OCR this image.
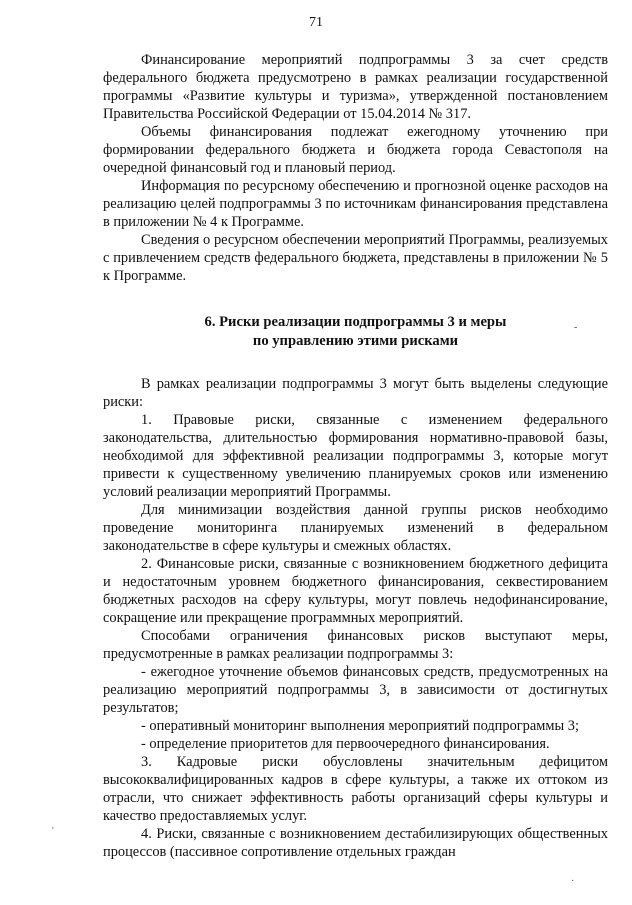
71

Финансирование мероприятий подпрограммы 3 за счет средств федерального бюджета предусмотрено в рамках реализации государственной программы «Развитие культуры и туризма», утвержденной постановлением Правительства Российской Федерации от 15.04.2014 № 317.

Объемы финансирования подлежат ежегодному уточнению при формировании федерального бюджета и бюджета города Севастополя на очередной финансовый год и плановый период.

Информация по ресурсному обеспечению и прогнозной оценке расходов на реализацию целей подпрограммы 3 по источникам финансирования представлена в приложении № 4 к Программе.

Сведения о ресурсном обеспечении мероприятий Программы, реализуемых с привлечением средств федерального бюджета, представлены в приложении № 5 к Программе.

6. Риски реализации подпрограммы 3 и меры
по управлению этими рисками

В рамках реализации подпрограммы 3 могут быть выделены следующие риски:

1. Правовые риски, связанные с изменением федерального законодательства, длительностью формирования нормативно-правовой базы, необходимой для эффективной реализации подпрограммы 3, которые могут привести к существенному увеличению планируемых сроков или изменению условий реализации мероприятий Программы.

Для минимизации воздействия данной группы рисков необходимо проведение мониторинга планируемых изменений в федеральном законодательстве в сфере культуры и смежных областях.

2. Финансовые риски, связанные с возникновением бюджетного дефицита и недостаточным уровнем бюджетного финансирования, секвестированием бюджетных расходов на сферу культуры, могут повлечь недофинансирование, сокращение или прекращение программных мероприятий.

Способами ограничения финансовых рисков выступают меры, предусмотренные в рамках реализации подпрограммы 3:

- ежегодное уточнение объемов финансовых средств, предусмотренных на реализацию мероприятий подпрограммы 3, в зависимости от достигнутых результатов;

- оперативный мониторинг выполнения мероприятий подпрограммы 3;

- определение приоритетов для первоочередного финансирования.

3. Кадровые риски обусловлены значительным дефицитом высококвалифицированных кадров в сфере культуры, а также их оттоком из отрасли, что снижает эффективность работы организаций сферы культуры и качество предоставляемых услуг.

4. Риски, связанные с возникновением дестабилизирующих общественных процессов (пассивное сопротивление отдельных граждан

-
'
·
